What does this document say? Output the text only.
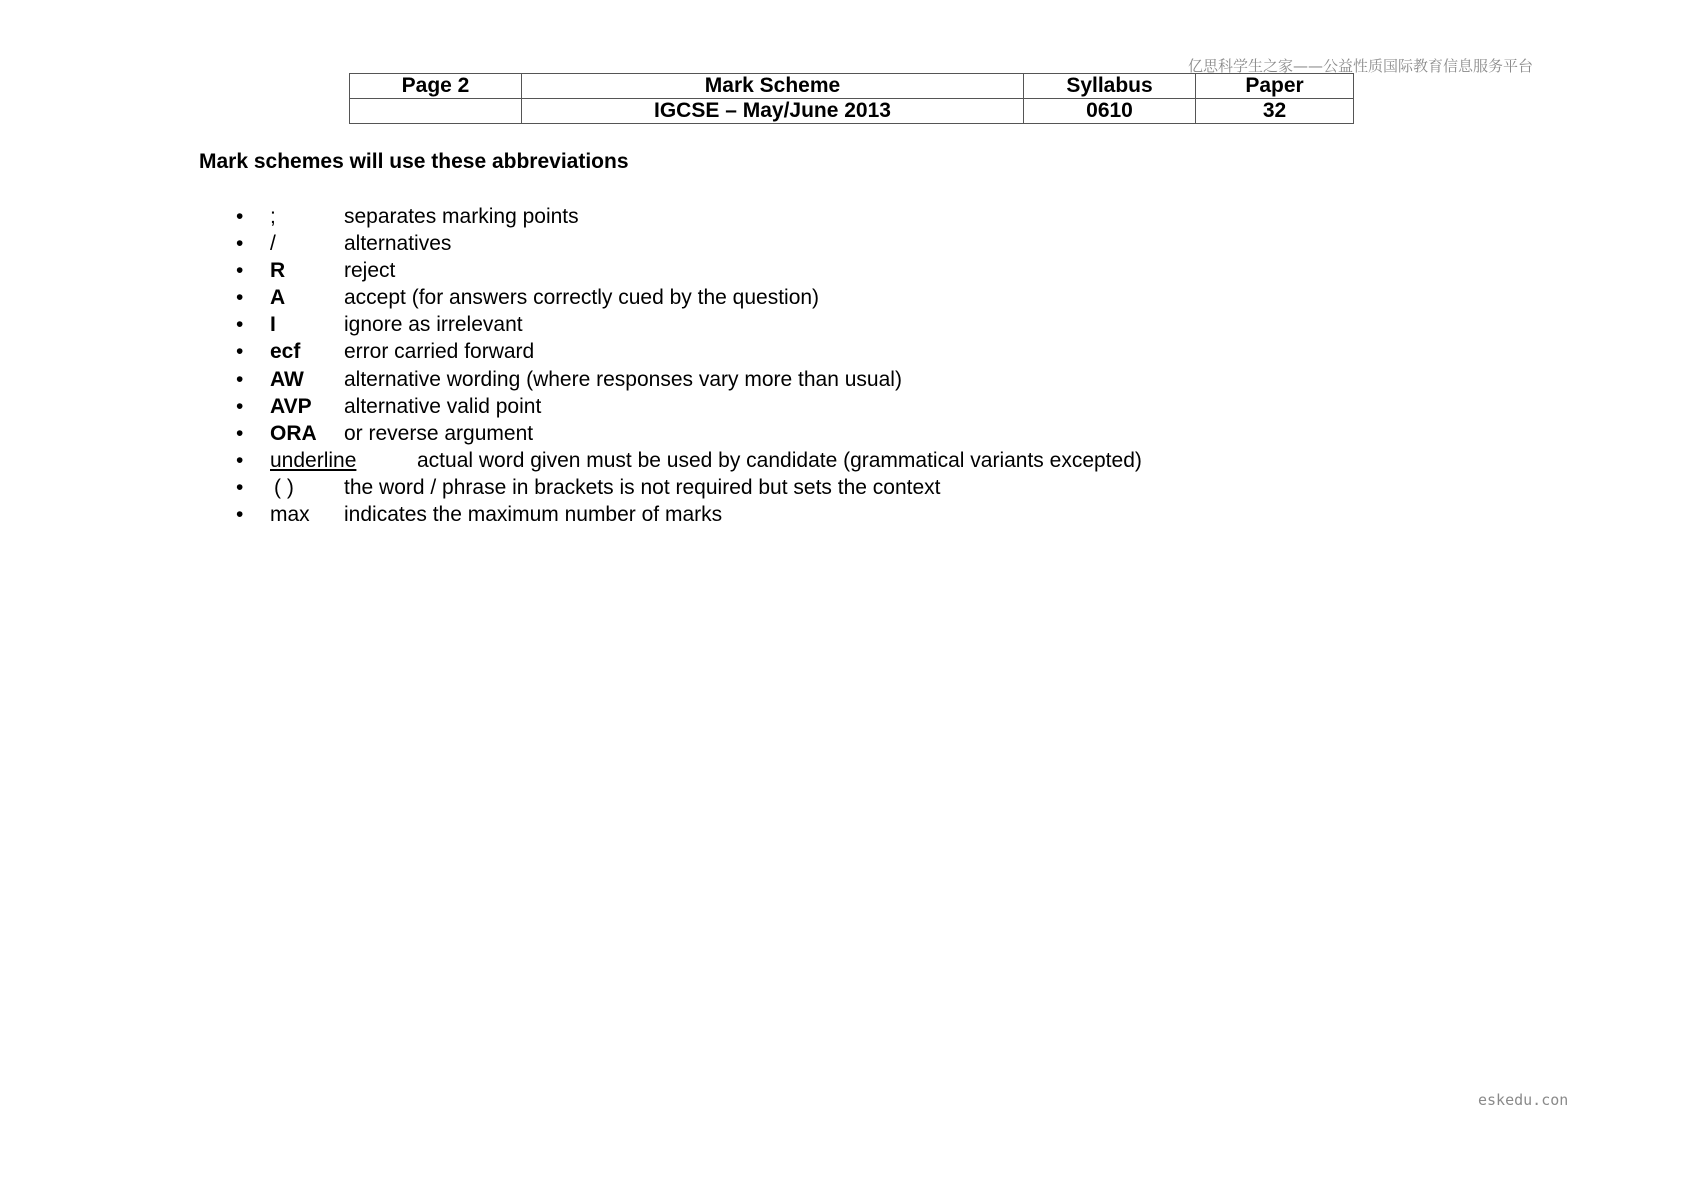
亿思科学生之家——公益性质国际教育信息服务平台
Page 2	Mark Scheme	Syllabus	Paper
	IGCSE – May/June 2013	0610	32
Mark schemes will use these abbreviations
• ;	separates marking points
• /	alternatives
• R	reject
• A	accept (for answers correctly cued by the question)
• I	ignore as irrelevant
• ecf error carried forward
• AW alternative wording (where responses vary more than usual)
• AVP alternative valid point
• ORA or reverse argument
• underline	actual word given must be used by candidate (grammatical variants excepted)
• ( ) the word / phrase in brackets is not required but sets the context
• max indicates the maximum number of marks
eskedu.con
